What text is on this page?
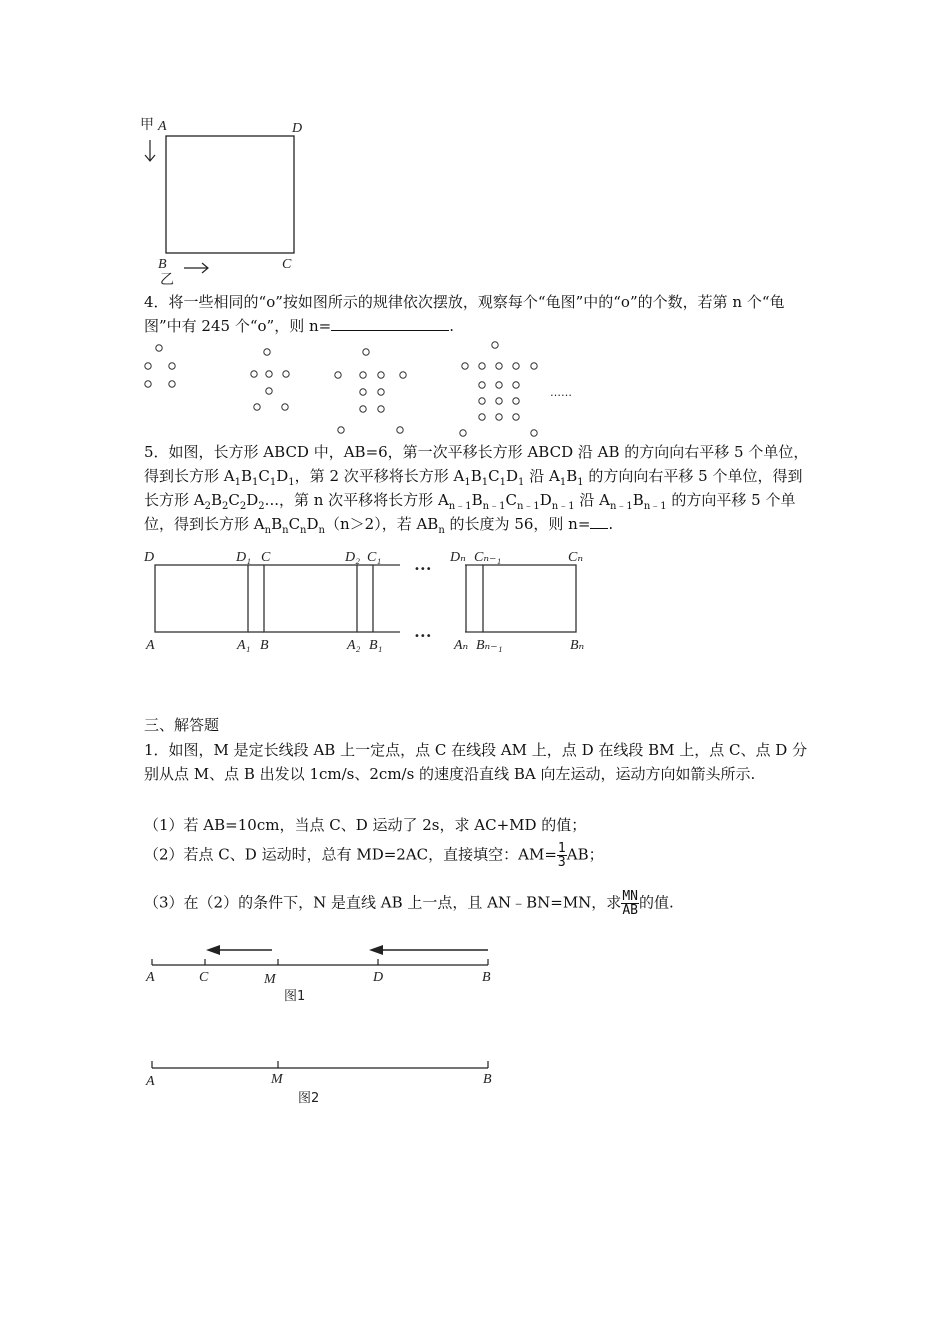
甲 A	D
B	C
乙
4．将一些相同的“o”按如图所示的规律依次摆放，观察每个“龟图”中的“o”的个数，若第 n 个“龟图”中有 245 个“o”，则 n=	.
……
5．如图，长方形 ABCD 中，AB=6，第一次平移长方形 ABCD 沿 AB 的方向向右平移 5 个单位，得到长方形 $A_1B_1C_1D_1$，第 2 次平移将长方形 $A_1B_1C_1D_1$ 沿 $A_1B_1$ 的方向向右平移 5 个单位，得到长方形 $A_2B_2C_2D_2$...，第 n 次平移将长方形 $A_{n﹣1}B_{n﹣1}C_{n﹣1}D_{n﹣1}$ 沿 $A_{n﹣1}B_{n﹣1}$ 的方向平移 5 个单位，得到长方形 $A_nB_nC_nD_n(n>2)$，若 $AB_n$ 的长度为 56，则 n= .
•••
•••
D	D₁ C	D₂ C₁	Dₙ Cₙ₋₁	Cₙ
A	A₁ B	A₂ B₁	Aₙ Bₙ₋₁	Bₙ
三、解答题
1．如图，M 是定长线段 AB 上一定点，点 C 在线段 AM 上，点 D 在线段 BM 上，点 C、点 D 分别从点 M、点 B 出发以 1cm/s、2cm/s 的速度沿直线 BA 向左运动，运动方向如箭头所示.
（1）若 AB=10cm，当点 C、D 运动了 2s，求 AC+MD 的值；
（2）若点 C、D 运动时，总有 MD=2AC，直接填空：$AM= \frac{1}{3}$ AB；
（3）在（2）的条件下，N 是直线 AB 上一点，且 AN﹣BN=MN，求 $\frac{MN}{AB}$ 的值.
A	C	M	D	B
图1
A	M	B
图2
